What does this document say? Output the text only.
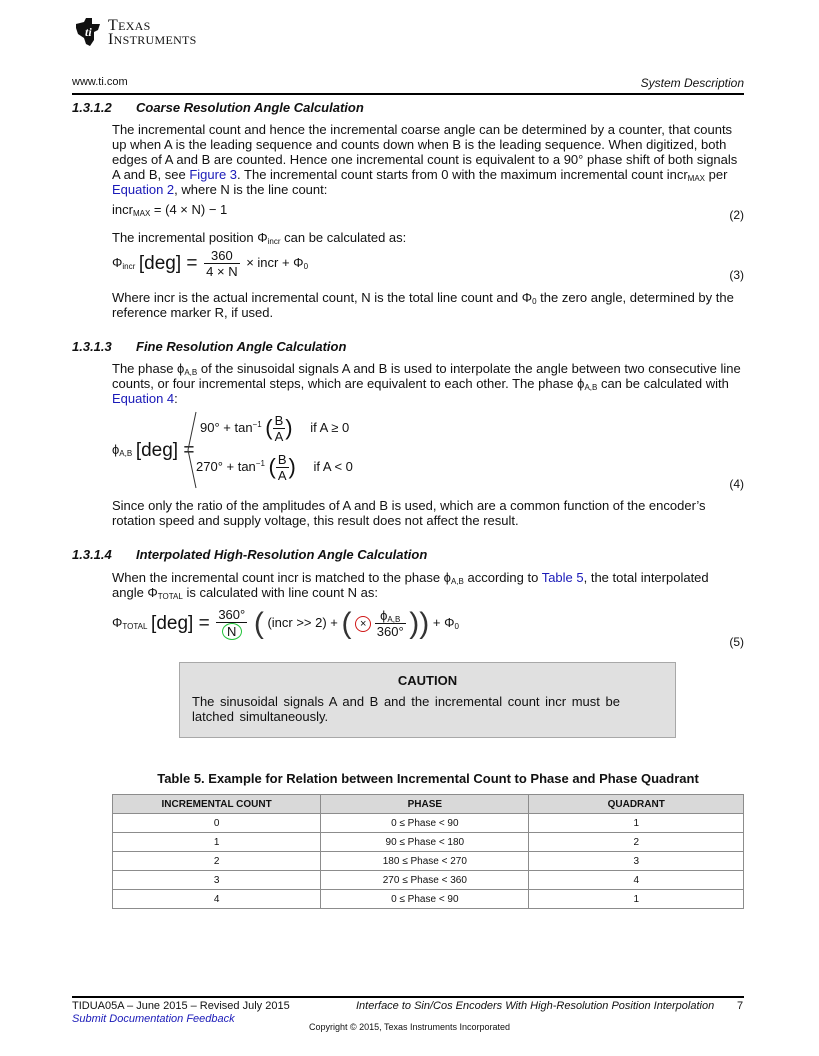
ti TEXAS
INSTRUMENTS
www.ti.com	System Description
1.3.1.2 Coarse Resolution Angle Calculation
The incremental count and hence the incremental coarse angle can be determined by a counter, that counts up when A is the leading sequence and counts down when B is the leading sequence. When digitized, both edges of A and B are counted. Hence one incremental count is equivalent to a 90° phase shift of both signals A and B, see Figure 3. The incremental count starts from 0 with the maximum incremental count incr$_{MAX}$ per Equation 2, where N is the line count:
incr$_{MAX}$ = (4 × N) − 1	(2)
The incremental position $\Phi_{incr}$ can be calculated as:
$\Phi_{incr}$ $[deg] = \frac{360}{4 \times N}$ × incr + $\Phi_0$
(3)
Where incr is the actual incremental count, N is the total line count and $\Phi_0$ the zero angle, determined by the reference marker R, if used.
1.3.1.3 Fine Resolution Angle Calculation
The phase $\phi_{A,B}$ of the sinusoidal signals A and B is used to interpolate the angle between two consecutive line counts, or four incremental steps, which are equivalent to each other. The phase $\phi_{A,B}$ can be calculated with Equation 4:
$\phi_{A,B}$ [deg] =
$90^\circ + \tan^{-1}$ ( $\frac{B}{A}$ ) if A ≥ 0
$270^\circ + \tan^{-1}$ ( $\frac{B}{A}$ ) if A < 0
(4)
Since only the ratio of the amplitudes of A and B is used, which are a common function of the encoder’s rotation speed and supply voltage, this result does not affect the result.
1.3.1.4 Interpolated High-Resolution Angle Calculation
When the incremental count incr is matched to the phase $\phi_{A,B}$ according to Table 5, the total interpolated angle $\Phi_{TOTAL}$ is calculated with line count N as:
$\Phi_{TOTAL}$ $[deg] = \frac{360^\circ}{N}$ ( (incr >> 2) + ( × $\frac{\phi_{A,B}}{360^\circ}$ )) + $\Phi_0$
(5)
CAUTION
The sinusoidal signals A and B and the incremental count incr must be latched simultaneously.
Table 5. Example for Relation between Incremental Count to Phase and Phase Quadrant
INCREMENTAL COUNT	PHASE	QUADRANT
0	0 ≤ Phase < 90	1
1	90 ≤ Phase < 180	2
2	180 ≤ Phase < 270	3
3	270 ≤ Phase < 360	4
4	0 ≤ Phase < 90	1
TIDUA05A – June 2015 – Revised July 2015
Submit Documentation Feedback
Interface to Sin/Cos Encoders With High-Resolution Position Interpolation 7
Copyright © 2015, Texas Instruments Incorporated
